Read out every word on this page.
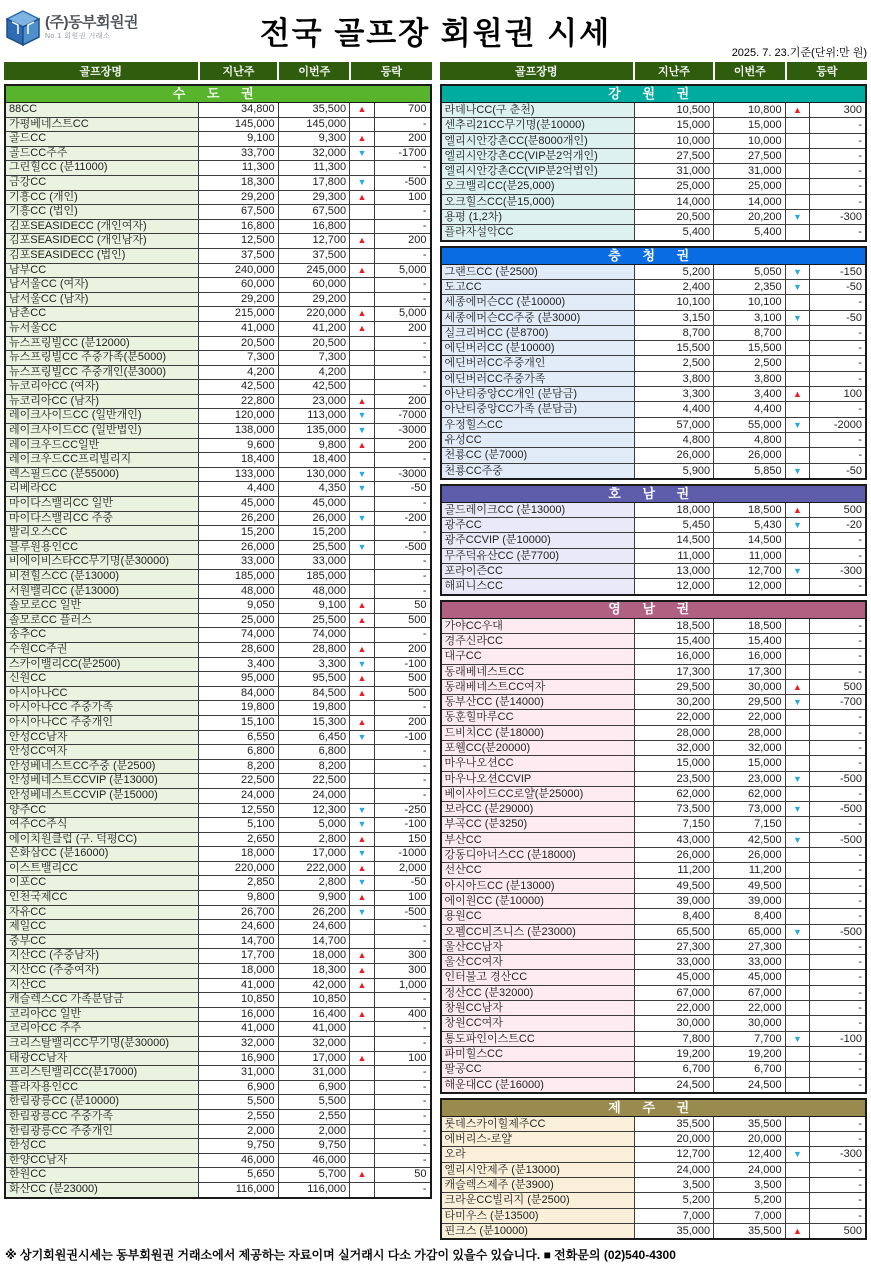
(주)동부회원권
No.1 회원권 거래소	전국 골프장 회원권 시세
2025. 7. 23.기준(단위:만 원)
골프장명	지난주	이번주	등락
수 도 권				
88CC	34,800	35,500	▲	700
가평베네스트CC	145,000	145,000		-
골드CC	9,100	9,300	▲	200
골드CC주주	33,700	32,000	▼	-1700
그린힐CC (분11000)	11,300	11,300		-
금강CC	18,300	17,800	▼	-500
기흥CC (개인)	29,200	29,300	▲	100
기흥CC (법인)	67,500	67,500		-
김포SEASIDECC (개인여자)	16,800	16,800		-
김포SEASIDECC (개인남자)	12,500	12,700	▲	200
김포SEASIDECC (법인)	37,500	37,500		-
남부CC	240,000	245,000	▲	5,000
남서울CC (여자)	60,000	60,000		-
남서울CC (남자)	29,200	29,200		-
남촌CC	215,000	220,000	▲	5,000
뉴서울CC	41,000	41,200	▲	200
뉴스프링빌CC (분12000)	20,500	20,500		-
뉴스프링빌CC 주중가족(분5000)	7,300	7,300		-
뉴스프링빌CC 주중개인(분3000)	4,200	4,200		-
뉴코리아CC (여자)	42,500	42,500		-
뉴코리아CC (남자)	22,800	23,000	▲	200
레이크사이드CC (일반개인)	120,000	113,000	▼	-7000
레이크사이드CC (일반법인)	138,000	135,000	▼	-3000
레이크우드CC일반	9,600	9,800	▲	200
레이크우드CC프리빌리지	18,400	18,400		-
렉스필드CC (분55000)	133,000	130,000	▼	-3000
리베라CC	4,400	4,350	▼	-50
마이다스밸리CC 일반	45,000	45,000		-
마이다스밸리CC 주중	26,200	26,000	▼	-200
발리오스CC	15,200	15,200		-
블루원용인CC	26,000	25,500	▼	-500
비에이비스타CC무기명(분30000)	33,000	33,000		-
비젼힐스CC (분13000)	185,000	185,000		-
서원밸리CC (분13000)	48,000	48,000		-
솔모로CC 일반	9,050	9,100	▲	50
솔모로CC 플러스	25,000	25,500	▲	500
송추CC	74,000	74,000		-
수원CC주권	28,600	28,800	▲	200
스카이밸리CC(분2500)	3,400	3,300	▼	-100
신원CC	95,000	95,500	▲	500
아시아나CC	84,000	84,500	▲	500
아시아나CC 주중가족	19,800	19,800		-
아시아나CC 주중개인	15,100	15,300	▲	200
안성CC남자	6,550	6,450	▼	-100
안성CC여자	6,800	6,800		-
안성베네스트CC주중 (분2500)	8,200	8,200		-
안성베네스트CCVIP (분13000)	22,500	22,500		-
안성베네스트CCVIP (분15000)	24,000	24,000		-
양주CC	12,550	12,300	▼	-250
여주CC주식	5,100	5,000	▼	-100
에이치원클럽 (구. 덕평CC)	2,650	2,800	▲	150
은화삼CC (분16000)	18,000	17,000	▼	-1000
이스트밸리CC	220,000	222,000	▲	2,000
이포CC	2,850	2,800	▼	-50
인천국제CC	9,800	9,900	▲	100
자유CC	26,700	26,200	▼	-500
제일CC	24,600	24,600		-
중부CC	14,700	14,700		-
지산CC (주중남자)	17,700	18,000	▲	300
지산CC (주중여자)	18,000	18,300	▲	300
지산CC	41,000	42,000	▲	1,000
캐슬렉스CC 가족분담금	10,850	10,850		-
코리아CC 일반	16,000	16,400	▲	400
코리아CC 주주	41,000	41,000		-
크리스탈밸리CC무기명(분30000)	32,000	32,000		-
태광CC남자	16,900	17,000	▲	100
프리스틴밸리CC(분17000)	31,000	31,000		-
플라자용인CC	6,900	6,900		-
한림광릉CC (분10000)	5,500	5,500		-
한림광릉CC 주중가족	2,550	2,550		-
한림광릉CC 주중개인	2,000	2,000		-
한성CC	9,750	9,750		-
한양CC남자	46,000	46,000		-
한원CC	5,650	5,700	▲	50
화산CC (분23000)	116,000	116,000		-
골프장명	지난주	이번주	등락
강 원 권				
라데나CC(구 춘천)	10,500	10,800	▲	300
센추리21CC무기명(분10000)	15,000	15,000		-
엘리시안강촌CC(분8000개인)	10,000	10,000		-
엘리시안강촌CC(VIP분2억개인)	27,500	27,500		-
엘리시안강촌CC(VIP분2억법인)	31,000	31,000		-
오크밸리CC(분25,000)	25,000	25,000		-
오크힐스CC(분15,000)	14,000	14,000		-
용평 (1,2차)	20,500	20,200	▼	-300
플라자설악CC	5,400	5,400		-
충 청 권				
그랜드CC (분2500)	5,200	5,050	▼	-150
도고CC	2,400	2,350	▼	-50
세종에머슨CC (분10000)	10,100	10,100		-
세종에머슨CC주중 (분3000)	3,150	3,100	▼	-50
실크리버CC (분8700)	8,700	8,700		-
에딘버러CC (분10000)	15,500	15,500		-
에딘버러CC주중개인	2,500	2,500		-
에딘버러CC주중가족	3,800	3,800		-
아난티중앙CC개인 (분담금)	3,300	3,400	▲	100
아난티중앙CC가족 (분담금)	4,400	4,400		-
우정힐스CC	57,000	55,000	▼	-2000
유성CC	4,800	4,800		-
천룡CC (분7000)	26,000	26,000		-
천룡CC주중	5,900	5,850	▼	-50
호 남 권				
골드레이크CC (분13000)	18,000	18,500	▲	500
광주CC	5,450	5,430	▼	-20
광주CCVIP (분10000)	14,500	14,500		-
무주덕유산CC (분7700)	11,000	11,000		-
포라이즌CC	13,000	12,700	▼	-300
해피니스CC	12,000	12,000		-
영 남 권				
가야CC우대	18,500	18,500		-
경주신라CC	15,400	15,400		-
대구CC	16,000	16,000		-
동래베네스트CC	17,300	17,300		-
동래베네스트CC여자	29,500	30,000	▲	500
동부산CC (분14000)	30,200	29,500	▼	-700
동훈힐마루CC	22,000	22,000		-
드비치CC (분18000)	28,000	28,000		-
포웰CC(분20000)	32,000	32,000		-
마우나오션CC	15,000	15,000		-
마우나오션CCVIP	23,500	23,000	▼	-500
베이사이드CC로얄(분25000)	62,000	62,000		-
보라CC (분29000)	73,500	73,000	▼	-500
부곡CC (분3250)	7,150	7,150		-
부산CC	43,000	42,500	▼	-500
강동디아너스CC (분18000)	26,000	26,000		-
선산CC	11,200	11,200		-
아시아드CC (분13000)	49,500	49,500		-
에이원CC (분10000)	39,000	39,000		-
용원CC	8,400	8,400		-
오펠CC비즈니스 (분23000)	65,500	65,000	▼	-500
울산CC남자	27,300	27,300		-
울산CC여자	33,000	33,000		-
인터불고 경산CC	45,000	45,000		-
정산CC (분32000)	67,000	67,000		-
창원CC남자	22,000	22,000		-
창원CC여자	30,000	30,000		-
통도파인이스트CC	7,800	7,700	▼	-100
파미힐스CC	19,200	19,200		-
팔공CC	6,700	6,700		-
해운대CC (분16000)	24,500	24,500		-
제 주 권				
롯데스카이힐제주CC	35,500	35,500		-
에버리스-로얄	20,000	20,000		-
오라	12,700	12,400	▼	-300
엘리시안제주 (분13000)	24,000	24,000		-
캐슬렉스제주 (분3900)	3,500	3,500		-
크라운CC빌리지 (분2500)	5,200	5,200		-
타미우스 (분13500)	7,000	7,000		-
핀크스 (분10000)	35,000	35,500	▲	500
※ 상기회원권시세는 동부회원권 거래소에서 제공하는 자료이며 실거래시 다소 가감이 있을수 있습니다. ■ 전화문의 (02)540-4300
